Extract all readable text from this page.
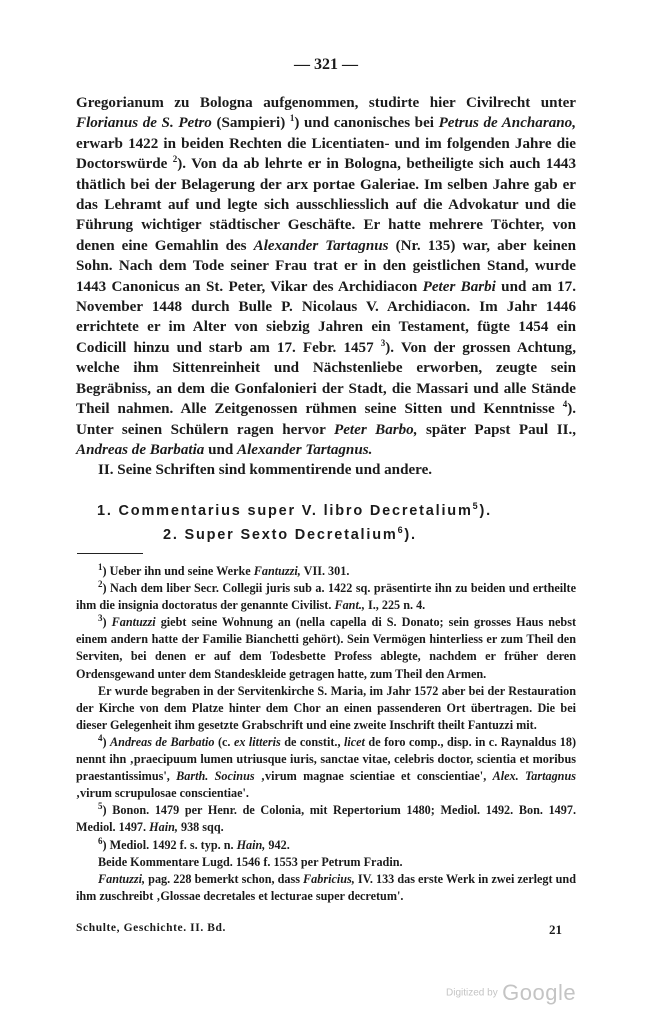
— 321 —

Gregorianum zu Bologna aufgenommen, studirte hier Civilrecht unter Florianus de S. Petro (Sampieri) $^1$) und canonisches bei Petrus de Ancharano, erwarb 1422 in beiden Rechten die Licentiaten- und im folgenden Jahre die Doctorswürde $^2$). Von da ab lehrte er in Bologna, betheiligte sich auch 1443 thätlich bei der Belagerung der arx portae Galeriae. Im selben Jahre gab er das Lehramt auf und legte sich ausschliesslich auf die Advokatur und die Führung wichtiger städtischer Geschäfte. Er hatte mehrere Töchter, von denen eine Gemahlin des Alexander Tartagnus (Nr. 135) war, aber keinen Sohn. Nach dem Tode seiner Frau trat er in den geistlichen Stand, wurde 1443 Canonicus an St. Peter, Vikar des Archidiacon Peter Barbi und am 17. November 1448 durch Bulle P. Nicolaus V. Archidiacon. Im Jahr 1446 errichtete er im Alter von siebzig Jahren ein Testament, fügte 1454 ein Codicill hinzu und starb am 17. Febr. 1457 $^3$). Von der grossen Achtung, welche ihm Sittenreinheit und Nächstenliebe erworben, zeugte sein Begräbniss, an dem die Gonfalonieri der Stadt, die Massari und alle Stände Theil nahmen. Alle Zeitgenossen rühmen seine Sitten und Kenntnisse $^4$). Unter seinen Schülern ragen hervor Peter Barbo, später Papst Paul II., Andreas de Barbatia und Alexander Tartagnus.

II. Seine Schriften sind kommentirende und andere.

1. Commentarius super V. libro Decretalium$^5$).
2. Super Sexto Decretalium$^6$).

$^1$) Ueber ihn und seine Werke Fantuzzi, VII. 301.

$^2$) Nach dem liber Secr. Collegii juris sub a. 1422 sq. präsentirte ihn zu beiden und ertheilte ihm die insignia doctoratus der genannte Civilist. Fant., I., 225 n. 4.

$^3$) Fantuzzi giebt seine Wohnung an (nella capella di S. Donato; sein grosses Haus nebst einem andern hatte der Familie Bianchetti gehört). Sein Vermögen hinterliess er zum Theil den Serviten, bei denen er auf dem Todesbette Profess ablegte, nachdem er früher deren Ordensgewand unter dem Standeskleide getragen hatte, zum Theil den Armen.

Er wurde begraben in der Servitenkirche S. Maria, im Jahr 1572 aber bei der Restauration der Kirche von dem Platze hinter dem Chor an einen passenderen Ort übertragen. Die bei dieser Gelegenheit ihm gesetzte Grabschrift und eine zweite Inschrift theilt Fantuzzi mit.

$^4$) Andreas de Barbatio (c. ex litteris de constit., licet de foro comp., disp. in c. Raynaldus 18) nennt ihn ‚praecipuum lumen utriusque iuris, sanctae vitae, celebris doctor, scientia et moribus praestantissimus', Barth. Socinus ‚virum magnae scientiae et conscientiae', Alex. Tartagnus ‚virum scrupulosae conscientiae'.

$^5$) Bonon. 1479 per Henr. de Colonia, mit Repertorium 1480; Mediol. 1492. Bon. 1497. Mediol. 1497. Hain, 938 sqq.

$^6$) Mediol. 1492 f. s. typ. n. Hain, 942.

Beide Kommentare Lugd. 1546 f. 1553 per Petrum Fradin.

Fantuzzi, pag. 228 bemerkt schon, dass Fabricius, IV. 133 das erste Werk in zwei zerlegt und ihm zuschreibt ‚Glossae decretales et lecturae super decretum'.

Schulte, Geschichte. II. Bd.	21
Digitized by Google
